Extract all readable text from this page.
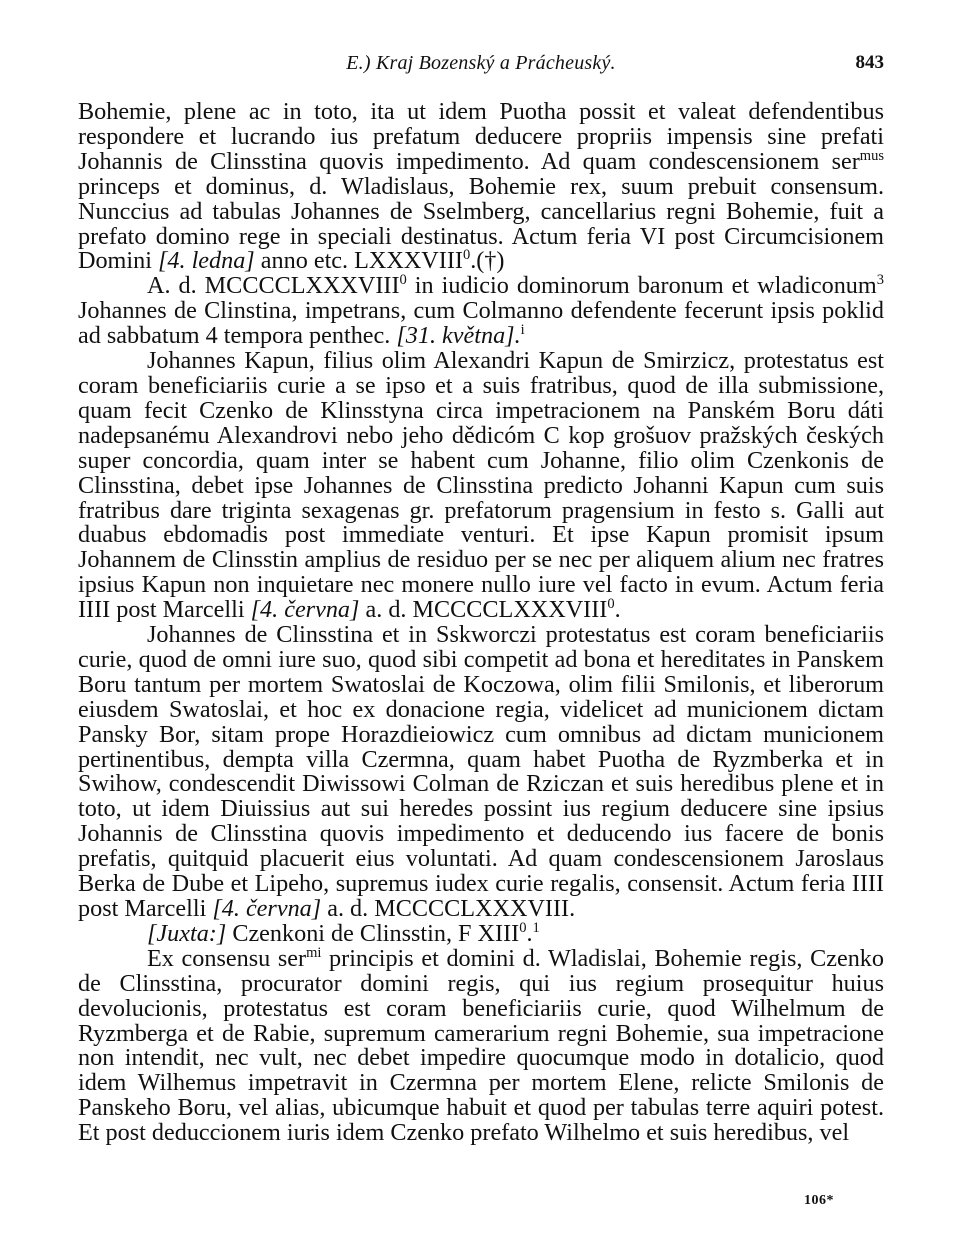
E.) Kraj Bozenský a Prácheuský.	843

Bohemie, plene ac in toto, ita ut idem Puotha possit et valeat defendentibus respondere et lucrando ius prefatum deducere propriis impensis sine prefati Johannis de Clinsstina quovis impedimento. Ad quam condescensionem ser$^{mus}$ princeps et dominus, d. Wladislaus, Bohemie rex, suum prebuit consensum. Nunccius ad tabulas Johannes de Sselmberg, cancellarius regni Bohemie, fuit a prefato domino rege in speciali destinatus. Actum feria VI post Circumcisionem Domini [4. ledna] anno etc. LXXXVIII$^0$.(†)

A. d. MCCCCLXXXVIII$^0$ in iudicio dominorum baronum et wladiconum$^3$ Johannes de Clinstina, impetrans, cum Colmanno defendente fecerunt ipsis poklid ad sabbatum 4 tempora penthec. [31. května].$^i$

Johannes Kapun, filius olim Alexandri Kapun de Smirzicz, protestatus est coram beneficiariis curie a se ipso et a suis fratribus, quod de illa submissione, quam fecit Czenko de Klinsstyna circa impetracionem na Panském Boru dáti nadepsanému Alexandrovi nebo jeho dědicóm C kop grošuov pražských českých super concordia, quam inter se habent cum Johanne, filio olim Czenkonis de Clinsstina, debet ipse Johannes de Clinsstina predicto Johanni Kapun cum suis fratribus dare triginta sexagenas gr. prefatorum pragensium in festo s. Galli aut duabus ebdomadis post immediate venturi. Et ipse Kapun promisit ipsum Johannem de Clinsstin amplius de residuo per se nec per aliquem alium nec fratres ipsius Kapun non inquietare nec monere nullo iure vel facto in evum. Actum feria IIII post Marcelli [4. června] a. d. MCCCCLXXXVIII$^0$.

Johannes de Clinsstina et in Sskworczi protestatus est coram beneficiariis curie, quod de omni iure suo, quod sibi competit ad bona et hereditates in Panskem Boru tantum per mortem Swatoslai de Koczowa, olim filii Smilonis, et liberorum eiusdem Swatoslai, et hoc ex donacione regia, videlicet ad municionem dictam Pansky Bor, sitam prope Horazdieiowicz cum omnibus ad dictam municionem pertinentibus, dempta villa Czermna, quam habet Puotha de Ryzmberka et in Swihow, condescendit Diwissowi Colman de Rziczan et suis heredibus plene et in toto, ut idem Diuissius aut sui heredes possint ius regium deducere sine ipsius Johannis de Clinsstina quovis impedimento et deducendo ius facere de bonis prefatis, quitquid placuerit eius voluntati. Ad quam condescensionem Jaroslaus Berka de Dube et Lipeho, supremus iudex curie regalis, consensit. Actum feria IIII post Marcelli [4. června] a. d. MCCCCLXXXVIII.

[Juxta:] Czenkoni de Clinsstin, F XIII$^0$.$^1$

Ex consensu ser$^{mi}$ principis et domini d. Wladislai, Bohemie regis, Czenko de Clinsstina, procurator domini regis, qui ius regium prosequitur huius devolucionis, protestatus est coram beneficiariis curie, quod Wilhelmum de Ryzmberga et de Rabie, supremum camerarium regni Bohemie, sua impetracione non intendit, nec vult, nec debet impedire quocumque modo in dotalicio, quod idem Wilhemus impetravit in Czermna per mortem Elene, relicte Smilonis de Panskeho Boru, vel alias, ubicumque habuit et quod per tabulas terre aquiri potest. Et post deduccionem iuris idem Czenko prefato Wilhelmo et suis heredibus, vel

106*
